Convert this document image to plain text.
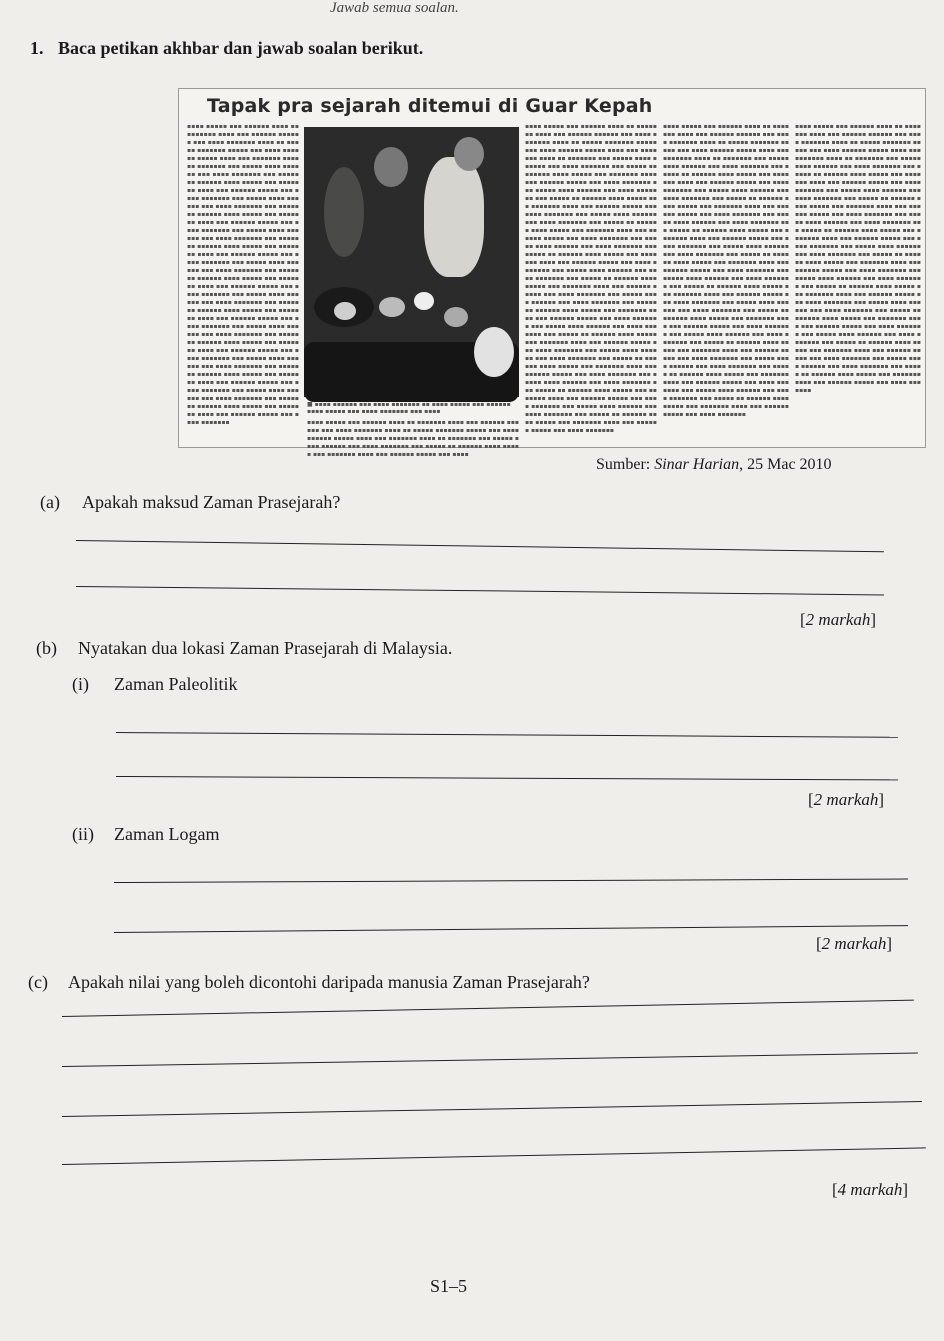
Jawab semua soalan.
1. Baca petikan akhbar dan jawab soalan berikut.
Tapak pra sejarah ditemui di Guar Kepah
■ ▪▪▪▪ ▪▪▪▪▪▪ ▪▪▪ ▪▪▪▪ ▪▪▪▪▪▪▪ ▪▪ ▪▪▪▪ ▪▪▪▪▪ ▪▪▪ ▪▪▪▪▪▪ ▪▪▪▪ ▪▪▪▪▪ ▪▪▪ ▪▪▪▪ ▪▪▪▪▪▪▪ ▪▪▪ ▪▪▪▪
▪▪▪▪ ▪▪▪▪▪ ▪▪▪ ▪▪▪▪▪▪ ▪▪▪▪ ▪▪ ▪▪▪▪▪▪▪ ▪▪▪▪ ▪▪▪ ▪▪▪▪▪▪ ▪▪▪▪▪▪ ▪▪▪ ▪▪▪▪ ▪▪▪▪▪▪▪ ▪▪▪▪ ▪▪ ▪▪▪▪▪ ▪▪▪▪▪▪▪ ▪▪▪▪▪ ▪▪▪ ▪▪▪▪ ▪▪▪▪▪▪ ▪▪▪▪▪ ▪▪▪▪ ▪▪▪ ▪▪▪▪▪▪▪ ▪▪▪▪ ▪▪ ▪▪▪▪▪▪▪ ▪▪▪ ▪▪▪▪▪ ▪▪▪▪ ▪▪▪▪▪▪ ▪▪▪ ▪▪▪▪ ▪▪▪▪▪▪▪ ▪▪▪ ▪▪▪▪▪ ▪▪ ▪▪▪▪▪▪ ▪▪▪▪ ▪▪▪▪▪ ▪▪▪ ▪▪▪▪▪▪▪ ▪▪▪▪ ▪▪▪ ▪▪▪▪▪▪ ▪▪▪▪▪ ▪▪▪ ▪▪▪▪ ▪▪▪▪▪▪▪ ▪▪▪ ▪▪▪▪▪ ▪▪▪▪ ▪▪▪▪▪▪ ▪▪▪ ▪▪▪▪ ▪▪▪▪▪▪▪ ▪▪▪ ▪▪▪▪▪ ▪▪ ▪▪▪▪▪▪ ▪▪▪▪ ▪▪▪▪▪ ▪▪▪ ▪▪▪▪▪▪▪ ▪▪▪▪ ▪▪▪ ▪▪▪▪▪▪ ▪▪▪▪▪ ▪▪▪ ▪▪▪▪ ▪▪▪▪▪▪▪ ▪▪▪ ▪▪▪▪▪ ▪▪▪▪ ▪▪▪▪▪▪ ▪▪▪ ▪▪▪▪ ▪▪▪▪▪▪▪ ▪▪▪ ▪▪▪▪▪ ▪▪ ▪▪▪▪▪▪ ▪▪▪▪ ▪▪▪▪▪ ▪▪▪ ▪▪▪▪▪▪▪ ▪▪▪▪ ▪▪▪ ▪▪▪▪▪▪ ▪▪▪▪▪ ▪▪▪ ▪▪▪▪ ▪▪▪▪▪▪▪ ▪▪▪ ▪▪▪▪▪ ▪▪▪▪ ▪▪▪▪▪▪ ▪▪▪ ▪▪▪▪ ▪▪▪▪▪▪▪ ▪▪▪ ▪▪▪▪▪ ▪▪ ▪▪▪▪▪▪ ▪▪▪▪ ▪▪▪▪▪ ▪▪▪ ▪▪▪▪▪▪▪ ▪▪▪▪ ▪▪▪ ▪▪▪▪▪▪ ▪▪▪▪▪ ▪▪▪ ▪▪▪▪ ▪▪▪▪▪▪▪ ▪▪▪ ▪▪▪▪▪ ▪▪▪▪ ▪▪▪▪▪▪ ▪▪▪ ▪▪▪▪ ▪▪▪▪▪▪▪ ▪▪▪ ▪▪▪▪▪ ▪▪ ▪▪▪▪▪▪ ▪▪▪▪ ▪▪▪▪▪ ▪▪▪ ▪▪▪▪▪▪▪ ▪▪▪▪ ▪▪▪ ▪▪▪▪▪▪ ▪▪▪▪▪ ▪▪▪ ▪▪▪▪ ▪▪▪▪▪▪▪ ▪▪▪ ▪▪▪▪▪ ▪▪▪▪ ▪▪▪▪▪▪ ▪▪▪ ▪▪▪▪ ▪▪▪▪▪▪▪ ▪▪▪ ▪▪▪▪▪ ▪▪ ▪▪▪▪▪▪ ▪▪▪▪ ▪▪▪▪▪ ▪▪▪ ▪▪▪▪▪▪▪ ▪▪▪▪ ▪▪▪ ▪▪▪▪▪▪ ▪▪▪▪▪ ▪▪▪ ▪▪▪▪ ▪▪▪▪▪▪▪ ▪▪▪ ▪▪▪▪▪ ▪▪▪▪ ▪▪▪▪▪▪ ▪▪▪ ▪▪▪▪ ▪▪▪▪▪▪▪ ▪▪▪ ▪▪▪▪▪ ▪▪ ▪▪▪▪▪▪ ▪▪▪▪ ▪▪▪▪▪ ▪▪▪ ▪▪▪▪▪▪▪ ▪▪▪▪ ▪▪▪ ▪▪▪▪▪▪ ▪▪▪▪▪ ▪▪▪ ▪▪▪▪ ▪▪▪▪▪▪▪ ▪▪▪ ▪▪▪▪▪ ▪▪▪▪ ▪▪▪▪▪▪ ▪▪▪ ▪▪▪▪ ▪▪▪▪▪▪▪ ▪▪▪ ▪▪▪▪▪ ▪▪ ▪▪▪▪▪▪ ▪▪▪▪ ▪▪▪▪▪ ▪▪▪ ▪▪▪▪▪▪▪ ▪▪▪▪ ▪▪▪ ▪▪▪▪▪▪ ▪▪▪▪▪ ▪▪▪ ▪▪▪▪ ▪▪▪▪▪▪▪	▪▪▪▪ ▪▪▪▪▪ ▪▪▪ ▪▪▪▪▪▪ ▪▪▪▪ ▪▪ ▪▪▪▪▪▪▪ ▪▪▪▪ ▪▪▪ ▪▪▪▪▪▪ ▪▪▪▪▪▪ ▪▪▪ ▪▪▪▪ ▪▪▪▪▪▪▪ ▪▪▪▪ ▪▪ ▪▪▪▪▪ ▪▪▪▪▪▪▪ ▪▪▪▪▪ ▪▪▪ ▪▪▪▪ ▪▪▪▪▪▪ ▪▪▪▪▪ ▪▪▪▪ ▪▪▪ ▪▪▪▪▪▪▪ ▪▪▪▪ ▪▪ ▪▪▪▪▪▪▪ ▪▪▪ ▪▪▪▪▪ ▪▪▪▪ ▪▪▪▪▪▪ ▪▪▪ ▪▪▪▪ ▪▪▪▪▪▪▪ ▪▪▪ ▪▪▪▪▪ ▪▪ ▪▪▪▪▪▪ ▪▪▪▪ ▪▪▪▪▪ ▪▪▪ ▪▪▪▪▪▪▪ ▪▪▪▪ ▪▪▪ ▪▪▪▪▪▪ ▪▪▪▪▪ ▪▪▪ ▪▪▪▪
▪▪▪▪ ▪▪▪▪▪ ▪▪▪ ▪▪▪▪▪▪ ▪▪▪▪ ▪▪ ▪▪▪▪▪▪▪ ▪▪▪▪ ▪▪▪ ▪▪▪▪▪▪ ▪▪▪▪▪▪ ▪▪▪ ▪▪▪▪ ▪▪▪▪▪▪▪ ▪▪▪▪ ▪▪ ▪▪▪▪▪ ▪▪▪▪▪▪▪ ▪▪▪▪▪ ▪▪▪ ▪▪▪▪ ▪▪▪▪▪▪ ▪▪▪▪▪ ▪▪▪▪ ▪▪▪ ▪▪▪▪▪▪▪ ▪▪▪▪ ▪▪ ▪▪▪▪▪▪▪ ▪▪▪ ▪▪▪▪▪ ▪▪▪▪ ▪▪▪▪▪▪ ▪▪▪ ▪▪▪▪ ▪▪▪▪▪▪▪ ▪▪▪ ▪▪▪▪▪ ▪▪ ▪▪▪▪▪▪ ▪▪▪▪ ▪▪▪▪▪ ▪▪▪ ▪▪▪▪▪▪▪ ▪▪▪▪ ▪▪▪ ▪▪▪▪▪▪ ▪▪▪▪▪ ▪▪▪ ▪▪▪▪ ▪▪▪▪▪▪▪ ▪▪▪ ▪▪▪▪▪ ▪▪▪▪ ▪▪▪▪▪▪ ▪▪▪ ▪▪▪▪ ▪▪▪▪▪▪▪ ▪▪▪ ▪▪▪▪▪ ▪▪ ▪▪▪▪▪▪ ▪▪▪▪ ▪▪▪▪▪ ▪▪▪ ▪▪▪▪▪▪▪ ▪▪▪▪ ▪▪▪ ▪▪▪▪▪▪ ▪▪▪▪▪ ▪▪▪ ▪▪▪▪ ▪▪▪▪▪▪▪ ▪▪▪ ▪▪▪▪▪ ▪▪▪▪ ▪▪▪▪▪▪ ▪▪▪ ▪▪▪▪ ▪▪▪▪▪▪▪ ▪▪▪ ▪▪▪▪▪ ▪▪ ▪▪▪▪▪▪ ▪▪▪▪ ▪▪▪▪▪ ▪▪▪ ▪▪▪▪▪▪▪ ▪▪▪▪ ▪▪▪ ▪▪▪▪▪▪ ▪▪▪▪▪ ▪▪▪ ▪▪▪▪ ▪▪▪▪▪▪▪ ▪▪▪ ▪▪▪▪▪ ▪▪▪▪ ▪▪▪▪▪▪ ▪▪▪ ▪▪▪▪ ▪▪▪▪▪▪▪ ▪▪▪ ▪▪▪▪▪ ▪▪ ▪▪▪▪▪▪ ▪▪▪▪ ▪▪▪▪▪ ▪▪▪ ▪▪▪▪▪▪▪ ▪▪▪▪ ▪▪▪ ▪▪▪▪▪▪ ▪▪▪▪▪ ▪▪▪ ▪▪▪▪ ▪▪▪▪▪▪▪ ▪▪▪ ▪▪▪▪▪ ▪▪▪▪ ▪▪▪▪▪▪ ▪▪▪ ▪▪▪▪ ▪▪▪▪▪▪▪ ▪▪▪ ▪▪▪▪▪ ▪▪ ▪▪▪▪▪▪ ▪▪▪▪ ▪▪▪▪▪ ▪▪▪ ▪▪▪▪▪▪▪ ▪▪▪▪ ▪▪▪ ▪▪▪▪▪▪ ▪▪▪▪▪ ▪▪▪ ▪▪▪▪ ▪▪▪▪▪▪▪ ▪▪▪ ▪▪▪▪▪ ▪▪▪▪ ▪▪▪▪▪▪ ▪▪▪ ▪▪▪▪ ▪▪▪▪▪▪▪ ▪▪▪ ▪▪▪▪▪ ▪▪ ▪▪▪▪▪▪ ▪▪▪▪ ▪▪▪▪▪ ▪▪▪ ▪▪▪▪▪▪▪ ▪▪▪▪ ▪▪▪ ▪▪▪▪▪▪ ▪▪▪▪▪ ▪▪▪ ▪▪▪▪ ▪▪▪▪▪▪▪ ▪▪▪ ▪▪▪▪▪ ▪▪▪▪ ▪▪▪▪▪▪ ▪▪▪ ▪▪▪▪ ▪▪▪▪▪▪▪ ▪▪▪ ▪▪▪▪▪ ▪▪ ▪▪▪▪▪▪ ▪▪▪▪ ▪▪▪▪▪ ▪▪▪ ▪▪▪▪▪▪▪ ▪▪▪▪ ▪▪▪ ▪▪▪▪▪▪ ▪▪▪▪▪ ▪▪▪ ▪▪▪▪ ▪▪▪▪▪▪▪ ▪▪▪ ▪▪▪▪▪ ▪▪▪▪ ▪▪▪▪▪▪ ▪▪▪ ▪▪▪▪ ▪▪▪▪▪▪▪ ▪▪▪ ▪▪▪▪▪ ▪▪ ▪▪▪▪▪▪ ▪▪▪▪ ▪▪▪▪▪ ▪▪▪ ▪▪▪▪▪▪▪ ▪▪▪▪ ▪▪▪ ▪▪▪▪▪▪ ▪▪▪▪▪ ▪▪▪ ▪▪▪▪ ▪▪▪▪▪▪▪ ▪▪▪ ▪▪▪▪▪ ▪▪▪▪ ▪▪▪▪▪▪ ▪▪▪ ▪▪▪▪ ▪▪▪▪▪▪▪ ▪▪▪ ▪▪▪▪▪ ▪▪ ▪▪▪▪▪▪ ▪▪▪▪ ▪▪▪▪▪ ▪▪▪ ▪▪▪▪▪▪▪ ▪▪▪▪ ▪▪▪ ▪▪▪▪▪▪ ▪▪▪▪▪ ▪▪▪ ▪▪▪▪ ▪▪▪▪▪▪▪ ▪▪▪ ▪▪▪▪▪ ▪▪▪▪ ▪▪▪▪▪▪ ▪▪▪ ▪▪▪▪ ▪▪▪▪▪▪▪ ▪▪▪ ▪▪▪▪▪ ▪▪ ▪▪▪▪▪▪ ▪▪▪▪ ▪▪▪▪▪ ▪▪▪ ▪▪▪▪▪▪▪ ▪▪▪▪ ▪▪▪ ▪▪▪▪▪▪ ▪▪▪▪▪ ▪▪▪ ▪▪▪▪ ▪▪▪▪▪▪▪
▪▪▪▪ ▪▪▪▪▪ ▪▪▪ ▪▪▪▪▪▪ ▪▪▪▪ ▪▪ ▪▪▪▪▪▪▪ ▪▪▪▪ ▪▪▪ ▪▪▪▪▪▪ ▪▪▪▪▪▪ ▪▪▪ ▪▪▪▪ ▪▪▪▪▪▪▪ ▪▪▪▪ ▪▪ ▪▪▪▪▪ ▪▪▪▪▪▪▪ ▪▪▪▪▪ ▪▪▪ ▪▪▪▪ ▪▪▪▪▪▪ ▪▪▪▪▪ ▪▪▪▪ ▪▪▪ ▪▪▪▪▪▪▪ ▪▪▪▪ ▪▪ ▪▪▪▪▪▪▪ ▪▪▪ ▪▪▪▪▪ ▪▪▪▪ ▪▪▪▪▪▪ ▪▪▪ ▪▪▪▪ ▪▪▪▪▪▪▪ ▪▪▪ ▪▪▪▪▪ ▪▪ ▪▪▪▪▪▪ ▪▪▪▪ ▪▪▪▪▪ ▪▪▪ ▪▪▪▪▪▪▪ ▪▪▪▪ ▪▪▪ ▪▪▪▪▪▪ ▪▪▪▪▪ ▪▪▪ ▪▪▪▪ ▪▪▪▪▪▪▪ ▪▪▪ ▪▪▪▪▪ ▪▪▪▪ ▪▪▪▪▪▪ ▪▪▪ ▪▪▪▪ ▪▪▪▪▪▪▪ ▪▪▪ ▪▪▪▪▪ ▪▪ ▪▪▪▪▪▪ ▪▪▪▪ ▪▪▪▪▪ ▪▪▪ ▪▪▪▪▪▪▪ ▪▪▪▪ ▪▪▪ ▪▪▪▪▪▪ ▪▪▪▪▪ ▪▪▪ ▪▪▪▪ ▪▪▪▪▪▪▪ ▪▪▪ ▪▪▪▪▪ ▪▪▪▪ ▪▪▪▪▪▪ ▪▪▪ ▪▪▪▪ ▪▪▪▪▪▪▪ ▪▪▪ ▪▪▪▪▪ ▪▪ ▪▪▪▪▪▪ ▪▪▪▪ ▪▪▪▪▪ ▪▪▪ ▪▪▪▪▪▪▪ ▪▪▪▪ ▪▪▪ ▪▪▪▪▪▪ ▪▪▪▪▪ ▪▪▪ ▪▪▪▪ ▪▪▪▪▪▪▪ ▪▪▪ ▪▪▪▪▪ ▪▪▪▪ ▪▪▪▪▪▪ ▪▪▪ ▪▪▪▪ ▪▪▪▪▪▪▪ ▪▪▪ ▪▪▪▪▪ ▪▪ ▪▪▪▪▪▪ ▪▪▪▪ ▪▪▪▪▪ ▪▪▪ ▪▪▪▪▪▪▪ ▪▪▪▪ ▪▪▪ ▪▪▪▪▪▪ ▪▪▪▪▪ ▪▪▪ ▪▪▪▪ ▪▪▪▪▪▪▪ ▪▪▪ ▪▪▪▪▪ ▪▪▪▪ ▪▪▪▪▪▪ ▪▪▪ ▪▪▪▪ ▪▪▪▪▪▪▪ ▪▪▪ ▪▪▪▪▪ ▪▪ ▪▪▪▪▪▪ ▪▪▪▪ ▪▪▪▪▪ ▪▪▪ ▪▪▪▪▪▪▪ ▪▪▪▪ ▪▪▪ ▪▪▪▪▪▪ ▪▪▪▪▪ ▪▪▪ ▪▪▪▪ ▪▪▪▪▪▪▪ ▪▪▪ ▪▪▪▪▪ ▪▪▪▪ ▪▪▪▪▪▪ ▪▪▪ ▪▪▪▪ ▪▪▪▪▪▪▪ ▪▪▪ ▪▪▪▪▪ ▪▪ ▪▪▪▪▪▪ ▪▪▪▪ ▪▪▪▪▪ ▪▪▪ ▪▪▪▪▪▪▪ ▪▪▪▪ ▪▪▪ ▪▪▪▪▪▪ ▪▪▪▪▪ ▪▪▪ ▪▪▪▪ ▪▪▪▪▪▪▪ ▪▪▪ ▪▪▪▪▪ ▪▪▪▪ ▪▪▪▪▪▪ ▪▪▪ ▪▪▪▪ ▪▪▪▪▪▪▪ ▪▪▪ ▪▪▪▪▪ ▪▪ ▪▪▪▪▪▪ ▪▪▪▪ ▪▪▪▪▪ ▪▪▪ ▪▪▪▪▪▪▪ ▪▪▪▪ ▪▪▪ ▪▪▪▪▪▪ ▪▪▪▪▪ ▪▪▪ ▪▪▪▪ ▪▪▪▪▪▪▪ ▪▪▪ ▪▪▪▪▪ ▪▪▪▪ ▪▪▪▪▪▪ ▪▪▪ ▪▪▪▪ ▪▪▪▪▪▪▪ ▪▪▪ ▪▪▪▪▪ ▪▪ ▪▪▪▪▪▪ ▪▪▪▪ ▪▪▪▪▪ ▪▪▪ ▪▪▪▪▪▪▪ ▪▪▪▪ ▪▪▪ ▪▪▪▪▪▪ ▪▪▪▪▪ ▪▪▪ ▪▪▪▪ ▪▪▪▪▪▪▪ ▪▪▪ ▪▪▪▪▪ ▪▪▪▪ ▪▪▪▪▪▪ ▪▪▪ ▪▪▪▪ ▪▪▪▪▪▪▪ ▪▪▪ ▪▪▪▪▪ ▪▪ ▪▪▪▪▪▪ ▪▪▪▪ ▪▪▪▪▪ ▪▪▪ ▪▪▪▪▪▪▪ ▪▪▪▪ ▪▪▪ ▪▪▪▪▪▪ ▪▪▪▪▪ ▪▪▪ ▪▪▪▪ ▪▪▪▪▪▪▪
▪▪▪▪ ▪▪▪▪▪ ▪▪▪ ▪▪▪▪▪▪ ▪▪▪▪ ▪▪ ▪▪▪▪▪▪▪ ▪▪▪▪ ▪▪▪ ▪▪▪▪▪▪ ▪▪▪▪▪▪ ▪▪▪ ▪▪▪▪ ▪▪▪▪▪▪▪ ▪▪▪▪ ▪▪ ▪▪▪▪▪ ▪▪▪▪▪▪▪ ▪▪▪▪▪ ▪▪▪ ▪▪▪▪ ▪▪▪▪▪▪ ▪▪▪▪▪ ▪▪▪▪ ▪▪▪ ▪▪▪▪▪▪▪ ▪▪▪▪ ▪▪ ▪▪▪▪▪▪▪ ▪▪▪ ▪▪▪▪▪ ▪▪▪▪ ▪▪▪▪▪▪ ▪▪▪ ▪▪▪▪ ▪▪▪▪▪▪▪ ▪▪▪ ▪▪▪▪▪ ▪▪ ▪▪▪▪▪▪ ▪▪▪▪ ▪▪▪▪▪ ▪▪▪ ▪▪▪▪▪▪▪ ▪▪▪▪ ▪▪▪ ▪▪▪▪▪▪ ▪▪▪▪▪ ▪▪▪ ▪▪▪▪ ▪▪▪▪▪▪▪ ▪▪▪ ▪▪▪▪▪ ▪▪▪▪ ▪▪▪▪▪▪ ▪▪▪ ▪▪▪▪ ▪▪▪▪▪▪▪ ▪▪▪ ▪▪▪▪▪ ▪▪ ▪▪▪▪▪▪ ▪▪▪▪ ▪▪▪▪▪ ▪▪▪ ▪▪▪▪▪▪▪ ▪▪▪▪ ▪▪▪ ▪▪▪▪▪▪ ▪▪▪▪▪ ▪▪▪ ▪▪▪▪ ▪▪▪▪▪▪▪ ▪▪▪ ▪▪▪▪▪ ▪▪▪▪ ▪▪▪▪▪▪ ▪▪▪ ▪▪▪▪ ▪▪▪▪▪▪▪ ▪▪▪ ▪▪▪▪▪ ▪▪ ▪▪▪▪▪▪ ▪▪▪▪ ▪▪▪▪▪ ▪▪▪ ▪▪▪▪▪▪▪ ▪▪▪▪ ▪▪▪ ▪▪▪▪▪▪ ▪▪▪▪▪ ▪▪▪ ▪▪▪▪ ▪▪▪▪▪▪▪ ▪▪▪ ▪▪▪▪▪ ▪▪▪▪ ▪▪▪▪▪▪ ▪▪▪ ▪▪▪▪ ▪▪▪▪▪▪▪ ▪▪▪ ▪▪▪▪▪ ▪▪ ▪▪▪▪▪▪ ▪▪▪▪ ▪▪▪▪▪ ▪▪▪ ▪▪▪▪▪▪▪ ▪▪▪▪ ▪▪▪ ▪▪▪▪▪▪ ▪▪▪▪▪ ▪▪▪ ▪▪▪▪ ▪▪▪▪▪▪▪ ▪▪▪ ▪▪▪▪▪ ▪▪▪▪ ▪▪▪▪▪▪ ▪▪▪ ▪▪▪▪ ▪▪▪▪▪▪▪ ▪▪▪ ▪▪▪▪▪ ▪▪ ▪▪▪▪▪▪ ▪▪▪▪ ▪▪▪▪▪ ▪▪▪ ▪▪▪▪▪▪▪ ▪▪▪▪ ▪▪▪ ▪▪▪▪▪▪ ▪▪▪▪▪ ▪▪▪ ▪▪▪▪ ▪▪▪▪▪▪▪ ▪▪▪ ▪▪▪▪▪ ▪▪▪▪ ▪▪▪▪▪▪ ▪▪▪ ▪▪▪▪ ▪▪▪▪▪▪▪ ▪▪▪ ▪▪▪▪▪ ▪▪ ▪▪▪▪▪▪ ▪▪▪▪ ▪▪▪▪▪ ▪▪▪ ▪▪▪▪▪▪▪ ▪▪▪▪ ▪▪▪ ▪▪▪▪▪▪ ▪▪▪▪▪ ▪▪▪ ▪▪▪▪ ▪▪▪▪▪▪▪ ▪▪▪ ▪▪▪▪▪ ▪▪▪▪ ▪▪▪▪▪▪ ▪▪▪ ▪▪▪▪ ▪▪▪▪▪▪▪ ▪▪▪ ▪▪▪▪▪ ▪▪ ▪▪▪▪▪▪ ▪▪▪▪ ▪▪▪▪▪ ▪▪▪ ▪▪▪▪▪▪▪ ▪▪▪▪ ▪▪▪ ▪▪▪▪▪▪ ▪▪▪▪▪ ▪▪▪ ▪▪▪▪ ▪▪▪▪▪▪▪ ▪▪▪ ▪▪▪▪▪ ▪▪▪▪ ▪▪▪▪▪▪ ▪▪▪ ▪▪▪▪ ▪▪▪▪▪▪▪ ▪▪▪ ▪▪▪▪▪ ▪▪ ▪▪▪▪▪▪ ▪▪▪▪ ▪▪▪▪▪ ▪▪▪ ▪▪▪▪▪▪▪ ▪▪▪▪ ▪▪▪ ▪▪▪▪▪▪ ▪▪▪▪▪ ▪▪▪ ▪▪▪▪ ▪▪▪▪▪▪▪
Sumber: Sinar Harian, 25 Mac 2010
(a) Apakah maksud Zaman Prasejarah?
[2 markah]
(b) Nyatakan dua lokasi Zaman Prasejarah di Malaysia.
(i) Zaman Paleolitik
[2 markah]
(ii) Zaman Logam
[2 markah]
(c) Apakah nilai yang boleh dicontohi daripada manusia Zaman Prasejarah?
[4 markah]
S1–5
